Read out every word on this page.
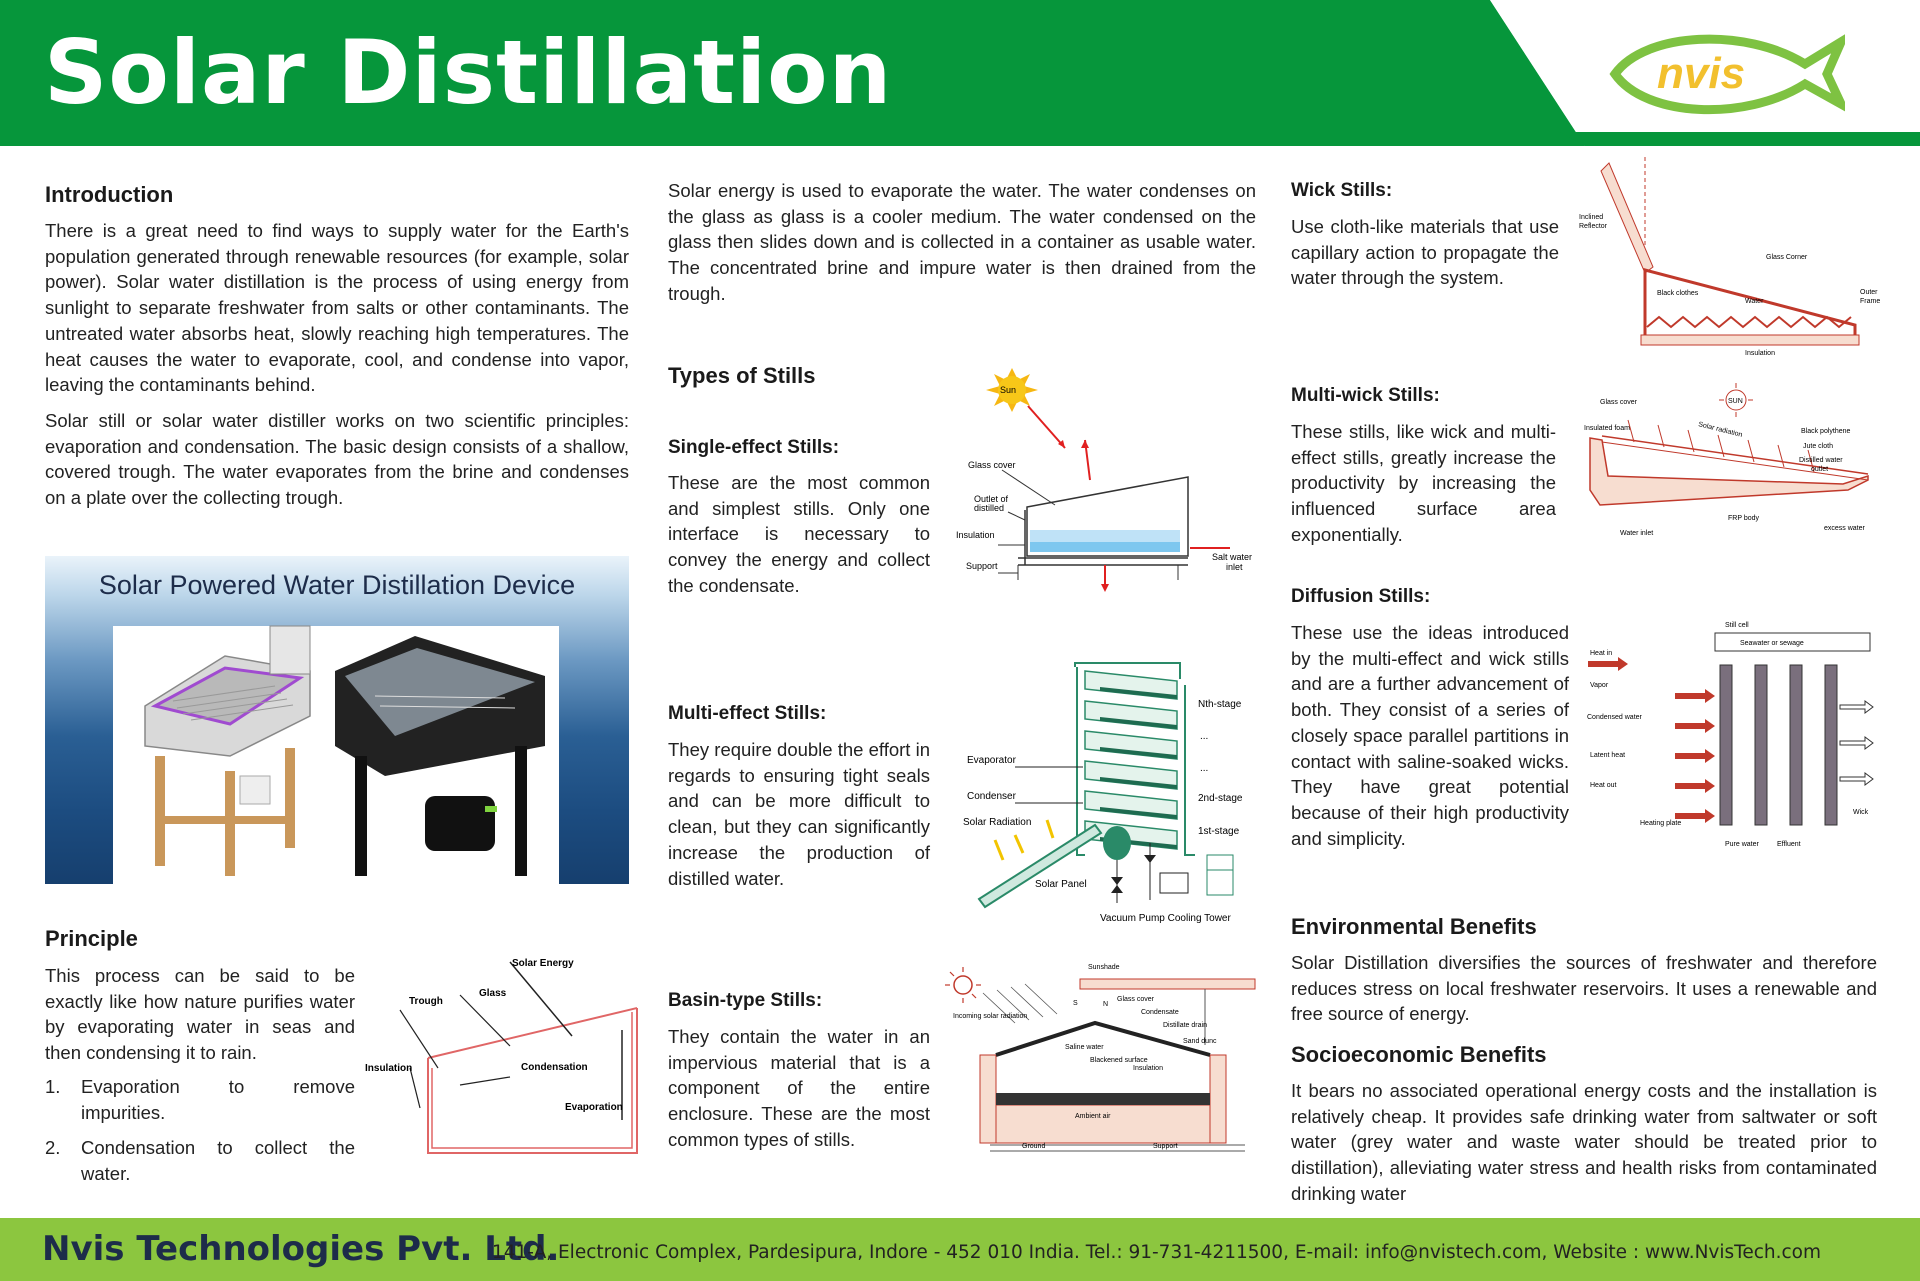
Solar Distillation	nvis
Introduction
There is a great need to find ways to supply water for the Earth's population generated through renewable resources (for example, solar power). Solar water distillation is the process of using energy from sunlight to separate freshwater from salts or other contaminants. The untreated water absorbs heat, slowly reaching high temperatures. The heat causes the water to evaporate, cool, and condense into vapor, leaving the contaminants behind.
Solar still or solar water distiller works on two scientific principles: evaporation and condensation. The basic design consists of a shallow, covered trough. The water evaporates from the brine and condenses on a plate over the collecting trough.
Solar Powered Water Distillation Device
Principle
This process can be said to be exactly like how nature purifies water by evaporating water in seas and then condensing it to rain.
1. Evaporation to remove impurities.
2. Condensation to collect the water.
Solar Energy
Trough
Glass
Insulation	Condensation
Evaporation
Solar energy is used to evaporate the water. The water condenses on the glass as glass is a cooler medium. The water condensed on the glass then slides down and is collected in a container as usable water. The concentrated brine and impure water is then drained from the trough.
Types of Stills
Single-effect Stills:
These are the most common and simplest stills. Only one interface is necessary to convey the energy and collect the condensate.
Sun
Glass cover
Outlet of
distilled
Insulation
Support
Salt water
inlet
Multi-effect Stills:
They require double the effort in regards to ensuring tight seals and can be more difficult to clean, but they can significantly increase the production of distilled water.
Nth-stage
...
...
2nd-stage
1st-stage
Evaporator
Condenser
Solar Radiation
Solar Panel
Vacuum Pump Cooling Tower
Basin-type Stills:
They contain the water in an impervious material that is a component of the entire enclosure. These are the most common types of stills.
Sunshade
Glass cover
Incoming solar radiation
Condensate
Distillate drain
Saline water
Sand dunc
Blackened surface
Insulation
Ambient air
Ground	Support
S	N
Wick Stills:
Use cloth-like materials that use capillary action to propagate the water through the system.
Inclined
Reflector
Glass Corner
Black clothes
Water
Outer
Frame
Insulation
Multi-wick Stills:
These stills, like wick and multi-effect stills, greatly increase the productivity by increasing the influenced surface area exponentially.
SUN
Glass cover
Insulated foam	Solar radiation	Black polythene
Jute cloth
Distilled water
outlet
FRP body
Water inlet
excess water
Diffusion Stills:
These use the ideas introduced by the multi-effect and wick stills and are a further advancement of both. They consist of a series of closely space parallel partitions in contact with saline-soaked wicks. They have great potential because of their high productivity and simplicity.
Still cell
Seawater or sewage
Heat in
Vapor
Condensed water
Latent heat
Heat out
Heating plate
Pure water	Effluent
Wick
Environmental Benefits
Solar Distillation diversifies the sources of freshwater and therefore reduces stress on local freshwater reservoirs. It uses a renewable and free source of energy.
Socioeconomic Benefits
It bears no associated operational energy costs and the installation is relatively cheap. It provides safe drinking water from saltwater or soft water (grey water and waste water should be treated prior to distillation), alleviating water stress and health risks from contaminated drinking water
Nvis Technologies Pvt. Ltd.
141-A, Electronic Complex, Pardesipura, Indore - 452 010 India. Tel.: 91-731-4211500, E-mail: info@nvistech.com, Website : www.NvisTech.com
